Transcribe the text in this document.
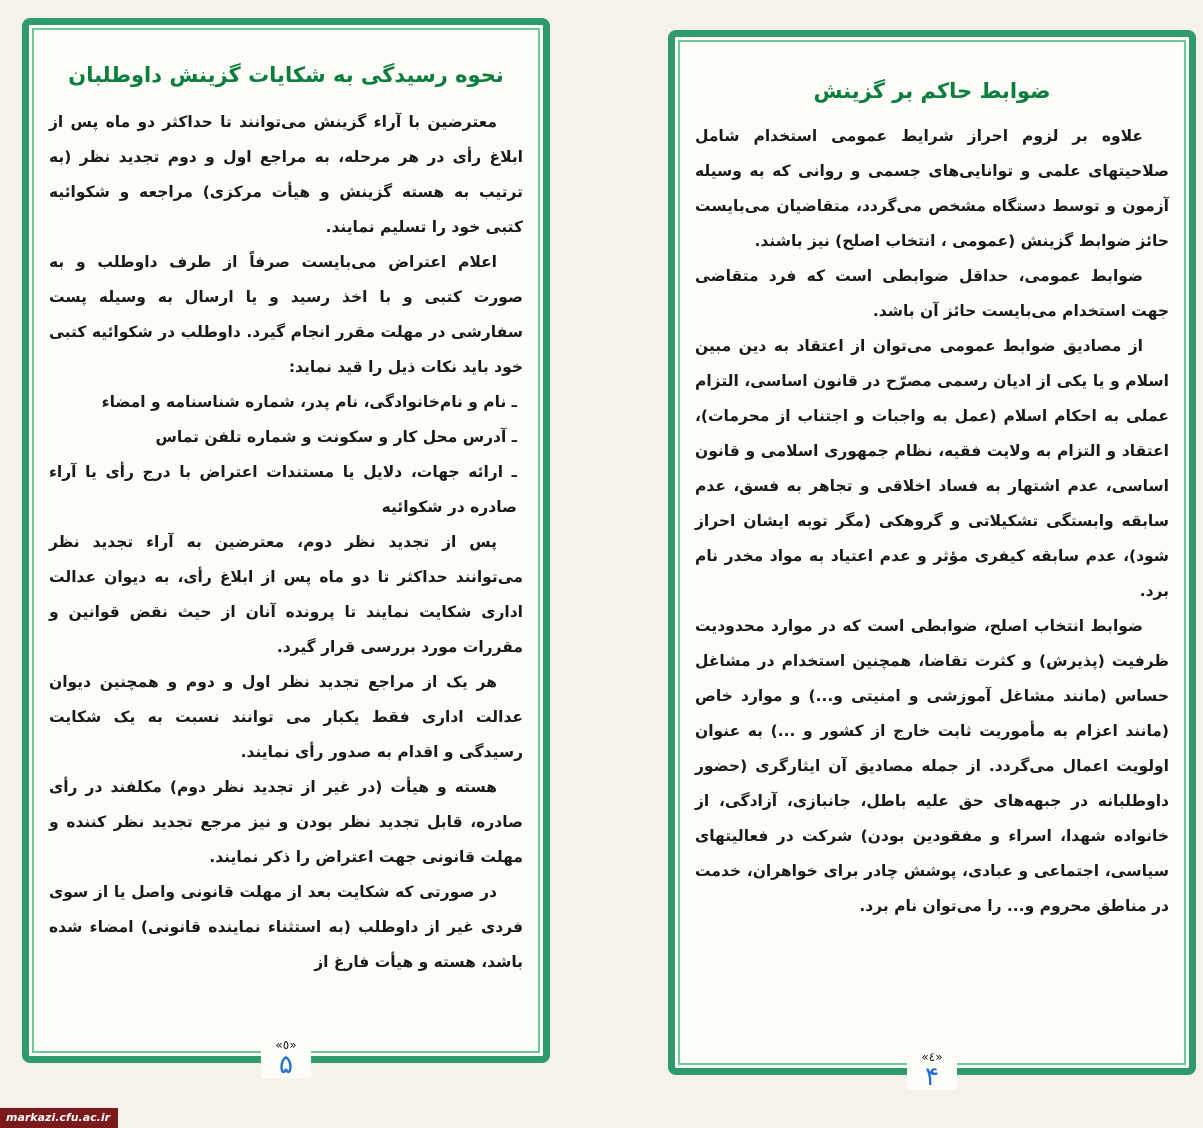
نحوه رسیدگی به شکایات گزینش داوطلبان

معترضین با آراء گزینش می‌توانند تا حداکثر دو ماه پس از ابلاغ رأی در هر مرحله، به مراجع اول و دوم تجدید نظر (به ترتیب به هسته گزینش و هیأت مرکزی) مراجعه و شکوائیه کتبی خود را تسلیم نمایند.

اعلام اعتراض می‌بایست صرفاً از طرف داوطلب و به صورت کتبی و با اخذ رسید و یا ارسال به وسیله پست سفارشی در مهلت مقرر انجام گیرد. داوطلب در شکوائیه کتبی خود باید نکات ذیل را قید نماید:

ـ نام و نام‌خانوادگی، نام پدر، شماره شناسنامه و امضاء

ـ آدرس محل کار و سکونت و شماره تلفن تماس

ـ ارائه جهات، دلایل یا مستندات اعتراض با درج رأی یا آراء صادره در شکوائیه

پس از تجدید نظر دوم، معترضین به آراء تجدید نظر می‌توانند حداکثر تا دو ماه پس از ابلاغ رأی، به دیوان عدالت اداری شکایت نمایند تا پرونده آنان از حیث نقض قوانین و مقررات مورد بررسی قرار گیرد.

هر یک از مراجع تجدید نظر اول و دوم و همچنین دیوان عدالت اداری فقط یکبار می توانند نسبت به یک شکایت رسیدگی و اقدام به صدور رأی نمایند.

هسته و هیأت (در غیر از تجدید نظر دوم) مکلفند در رأی صادره، قابل تجدید نظر بودن و نیز مرجع تجدید نظر کننده و مهلت قانونی جهت اعتراض را ذکر نمایند.

در صورتی که شکایت بعد از مهلت قانونی واصل یا از سوی فردی غیر از داوطلب (به استثناء نماینده قانونی) امضاء شده باشد، هسته و هیأت فارغ از

«٥»
۵
ضوابط حاکم بر گزینش

علاوه بر لزوم احراز شرایط عمومی استخدام شامل صلاحیتهای علمی و توانایی‌های جسمی و روانی که به وسیله آزمون و توسط دستگاه مشخص می‌گردد، متقاضیان می‌بایست حائز ضوابط گزینش (عمومی ، انتخاب اصلح) نیز باشند.

ضوابط عمومی، حداقل ضوابطی است که فرد متقاضی جهت استخدام می‌بایست حائز آن باشد.

از مصادیق ضوابط عمومی می‌توان از اعتقاد به دین مبین اسلام و یا یکی از ادیان رسمی مصرّح در قانون اساسی، التزام عملی به احکام اسلام (عمل به واجبات و اجتناب از محرمات)، اعتقاد و التزام به ولایت فقیه، نظام جمهوری اسلامی و قانون اساسی، عدم اشتهار به فساد اخلاقی و تجاهر به فسق، عدم سابقه وابستگی تشکیلاتی و گروهکی (مگر توبه ایشان احراز شود)، عدم سابقه کیفری مؤثر و عدم اعتیاد به مواد مخدر نام برد.

ضوابط انتخاب اصلح، ضوابطی است که در موارد محدودیت ظرفیت (پذیرش) و کثرت تقاضا، همچنین استخدام در مشاغل حساس (مانند مشاغل آموزشی و امنیتی و...) و موارد خاص (مانند اعزام به مأموریت ثابت خارج از کشور و ...) به عنوان اولویت اعمال می‌گردد. از جمله مصادیق آن ایثارگری (حضور داوطلبانه در جبهه‌های حق علیه باطل، جانبازی، آزادگی، از خانواده شهدا، اسراء و مفقودین بودن) شرکت در فعالیتهای سیاسی، اجتماعی و عبادی، پوشش چادر برای خواهران، خدمت در مناطق محروم و... را می‌توان نام برد.

«٤»
۴
markazi.cfu.ac.ir
